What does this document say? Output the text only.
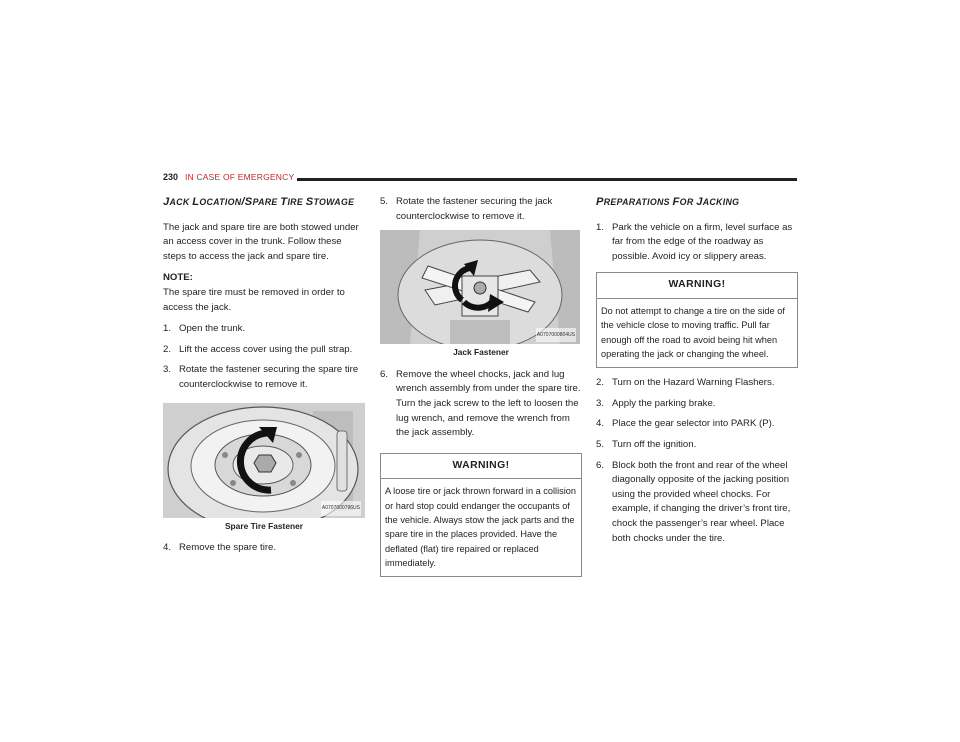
230 IN CASE OF EMERGENCY
JACK LOCATION/SPARE TIRE STOWAGE

The jack and spare tire are both stowed under an access cover in the trunk. Follow these steps to access the jack and spare tire.

NOTE:
The spare tire must be removed in order to access the jack.

1. Open the trunk.
2. Lift the access cover using the pull strap.
3. Rotate the fastener securing the spare tire counterclockwise to remove it.
A0707000796US
Spare Tire Fastener
4. Remove the spare tire.
5. Rotate the fastener securing the jack counterclockwise to remove it.
A0707000804US
Jack Fastener
6. Remove the wheel chocks, jack and lug wrench assembly from under the spare tire. Turn the jack screw to the left to loosen the lug wrench, and remove the wrench from the jack assembly.
WARNING!
A loose tire or jack thrown forward in a collision or hard stop could endanger the occupants of the vehicle. Always stow the jack parts and the spare tire in the places provided. Have the deflated (flat) tire repaired or replaced immediately.
PREPARATIONS FOR JACKING
1. Park the vehicle on a firm, level surface as far from the edge of the roadway as possible. Avoid icy or slippery areas.
WARNING!
Do not attempt to change a tire on the side of the vehicle close to moving traffic. Pull far enough off the road to avoid being hit when operating the jack or changing the wheel.
2. Turn on the Hazard Warning Flashers.
3. Apply the parking brake.
4. Place the gear selector into PARK (P).
5. Turn off the ignition.
6. Block both the front and rear of the wheel diagonally opposite of the jacking position using the provided wheel chocks. For example, if changing the driver’s front tire, chock the passenger’s rear wheel. Place both chocks under the tire.
